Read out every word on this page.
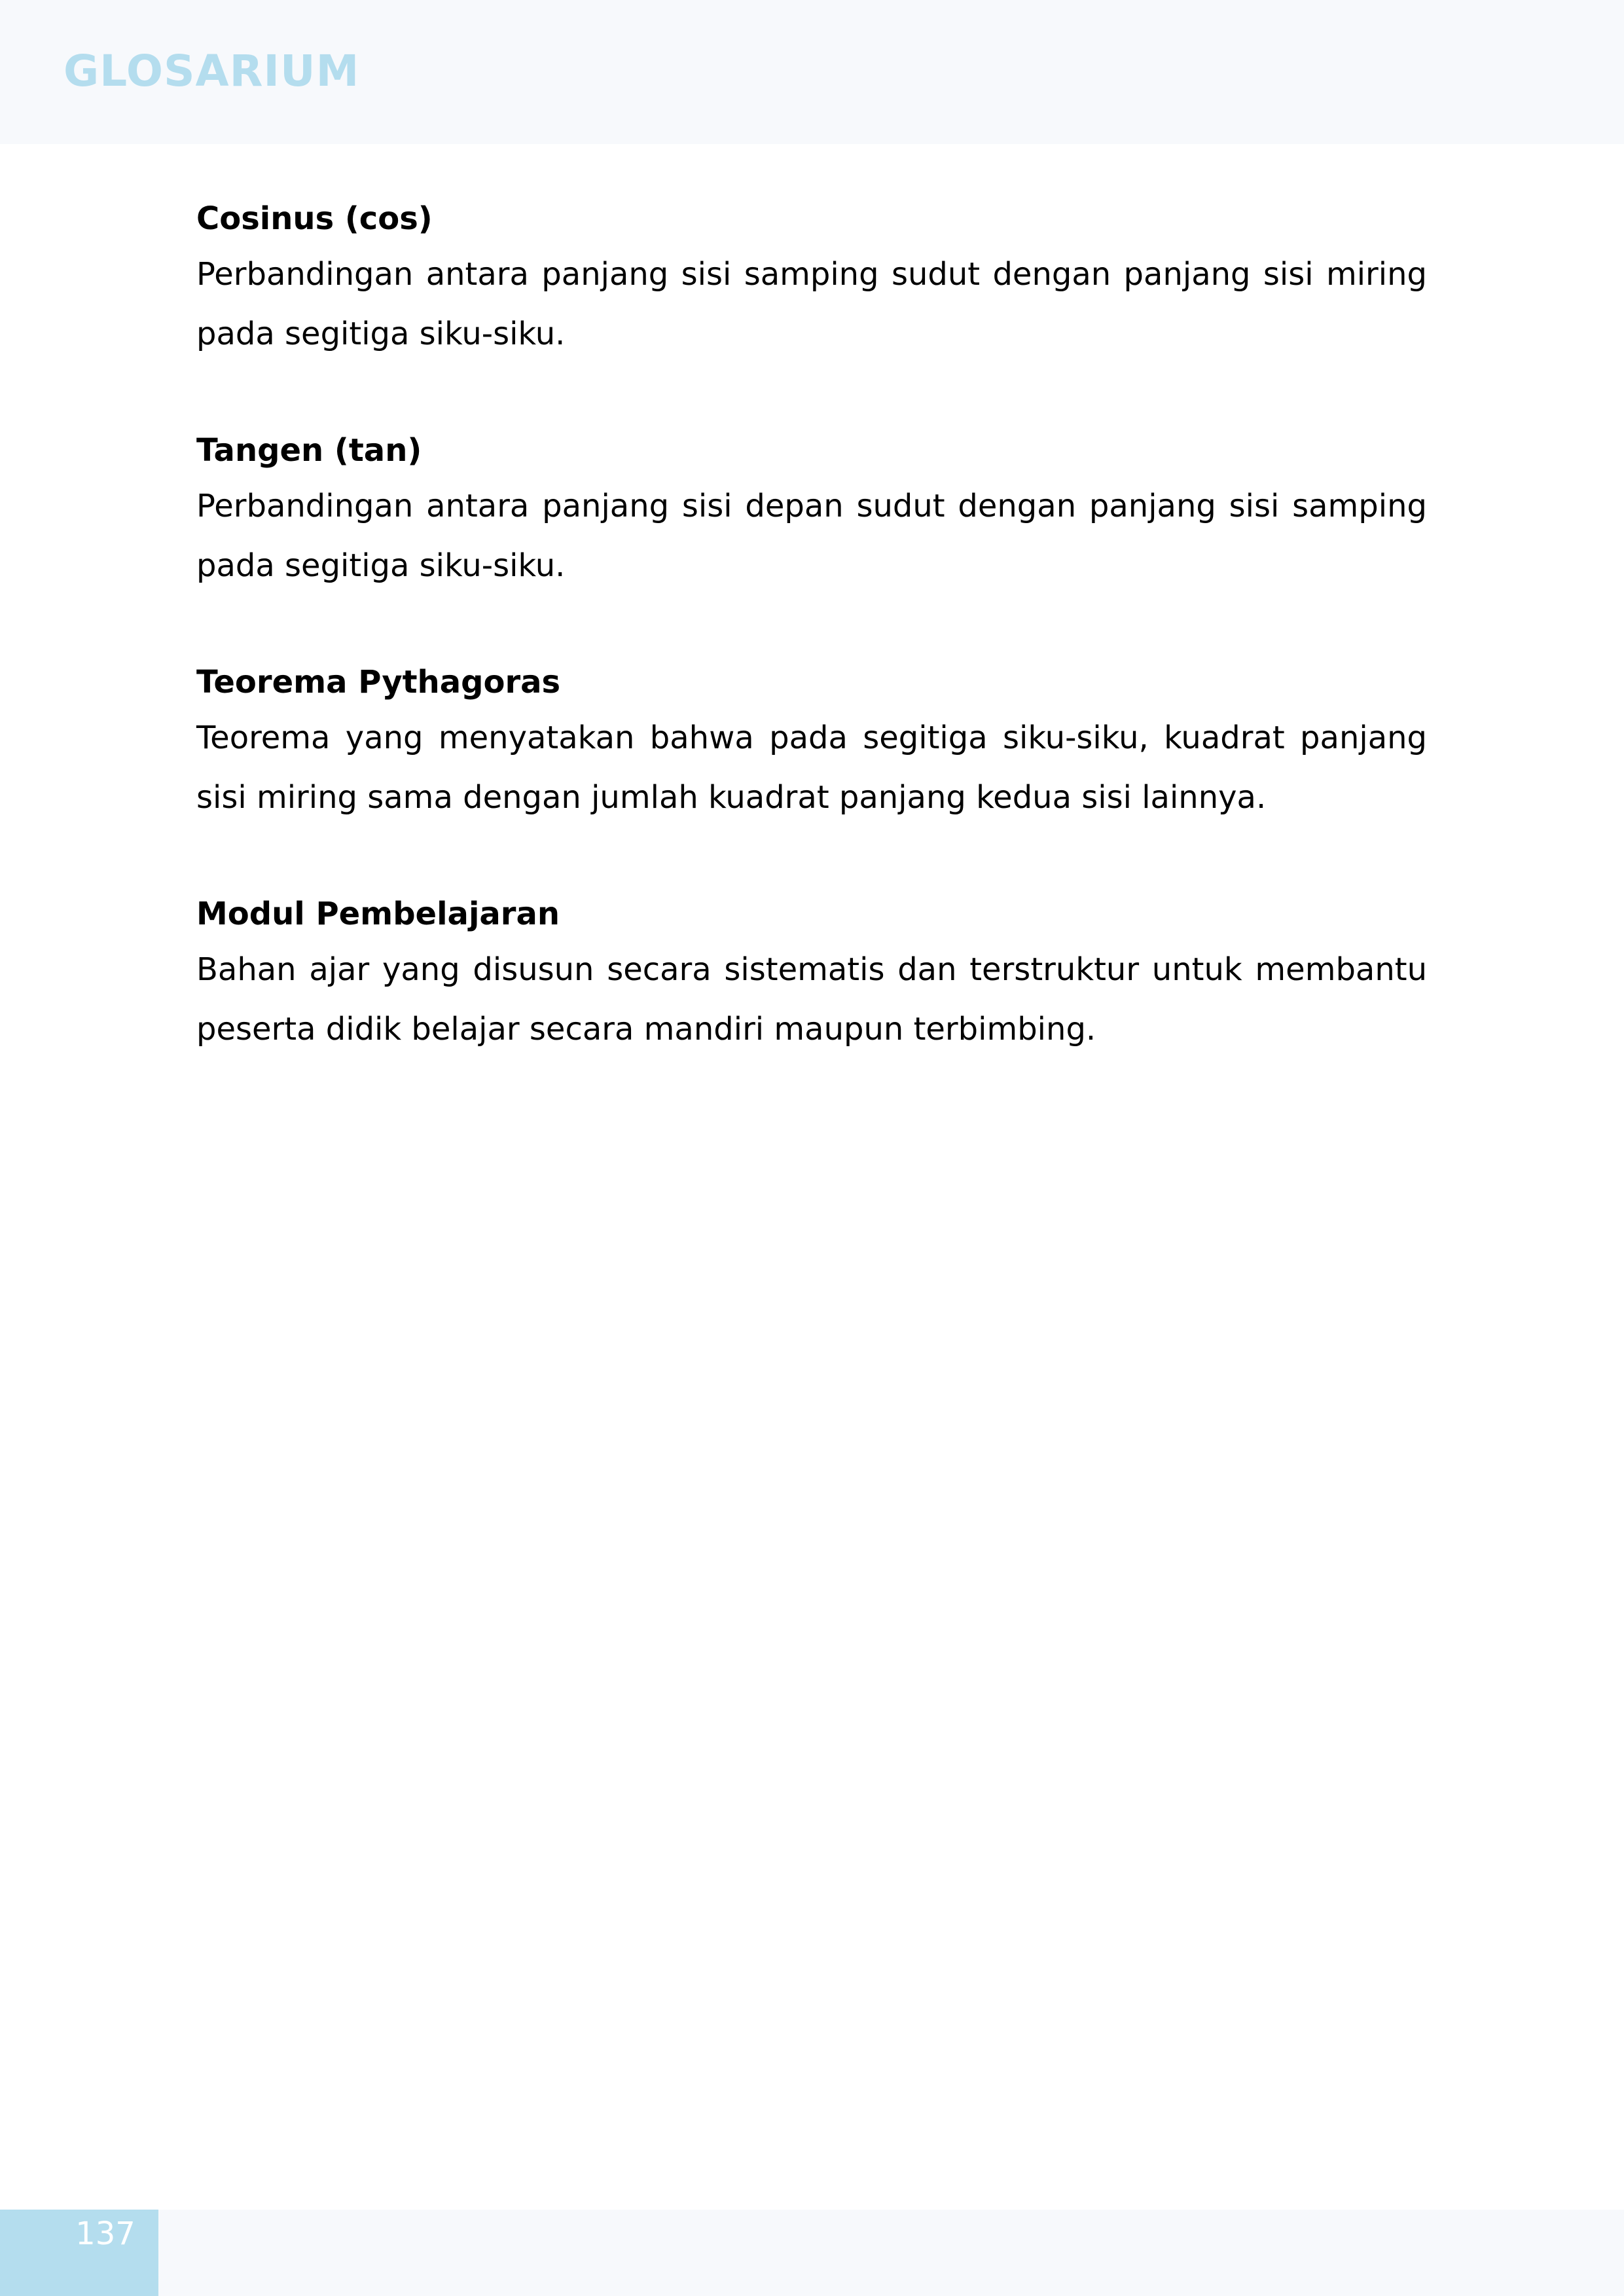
GLOSARIUM

Cosinus (cos)

Perbandingan antara panjang sisi samping sudut dengan panjang sisi miring pada segitiga siku-siku.

Tangen (tan)

Perbandingan antara panjang sisi depan sudut dengan panjang sisi samping pada segitiga siku-siku.

Teorema Pythagoras

Teorema yang menyatakan bahwa pada segitiga siku-siku, kuadrat panjang sisi miring sama dengan jumlah kuadrat panjang kedua sisi lainnya.

Modul Pembelajaran

Bahan ajar yang disusun secara sistematis dan terstruktur untuk membantu peserta didik belajar secara mandiri maupun terbimbing.

137
